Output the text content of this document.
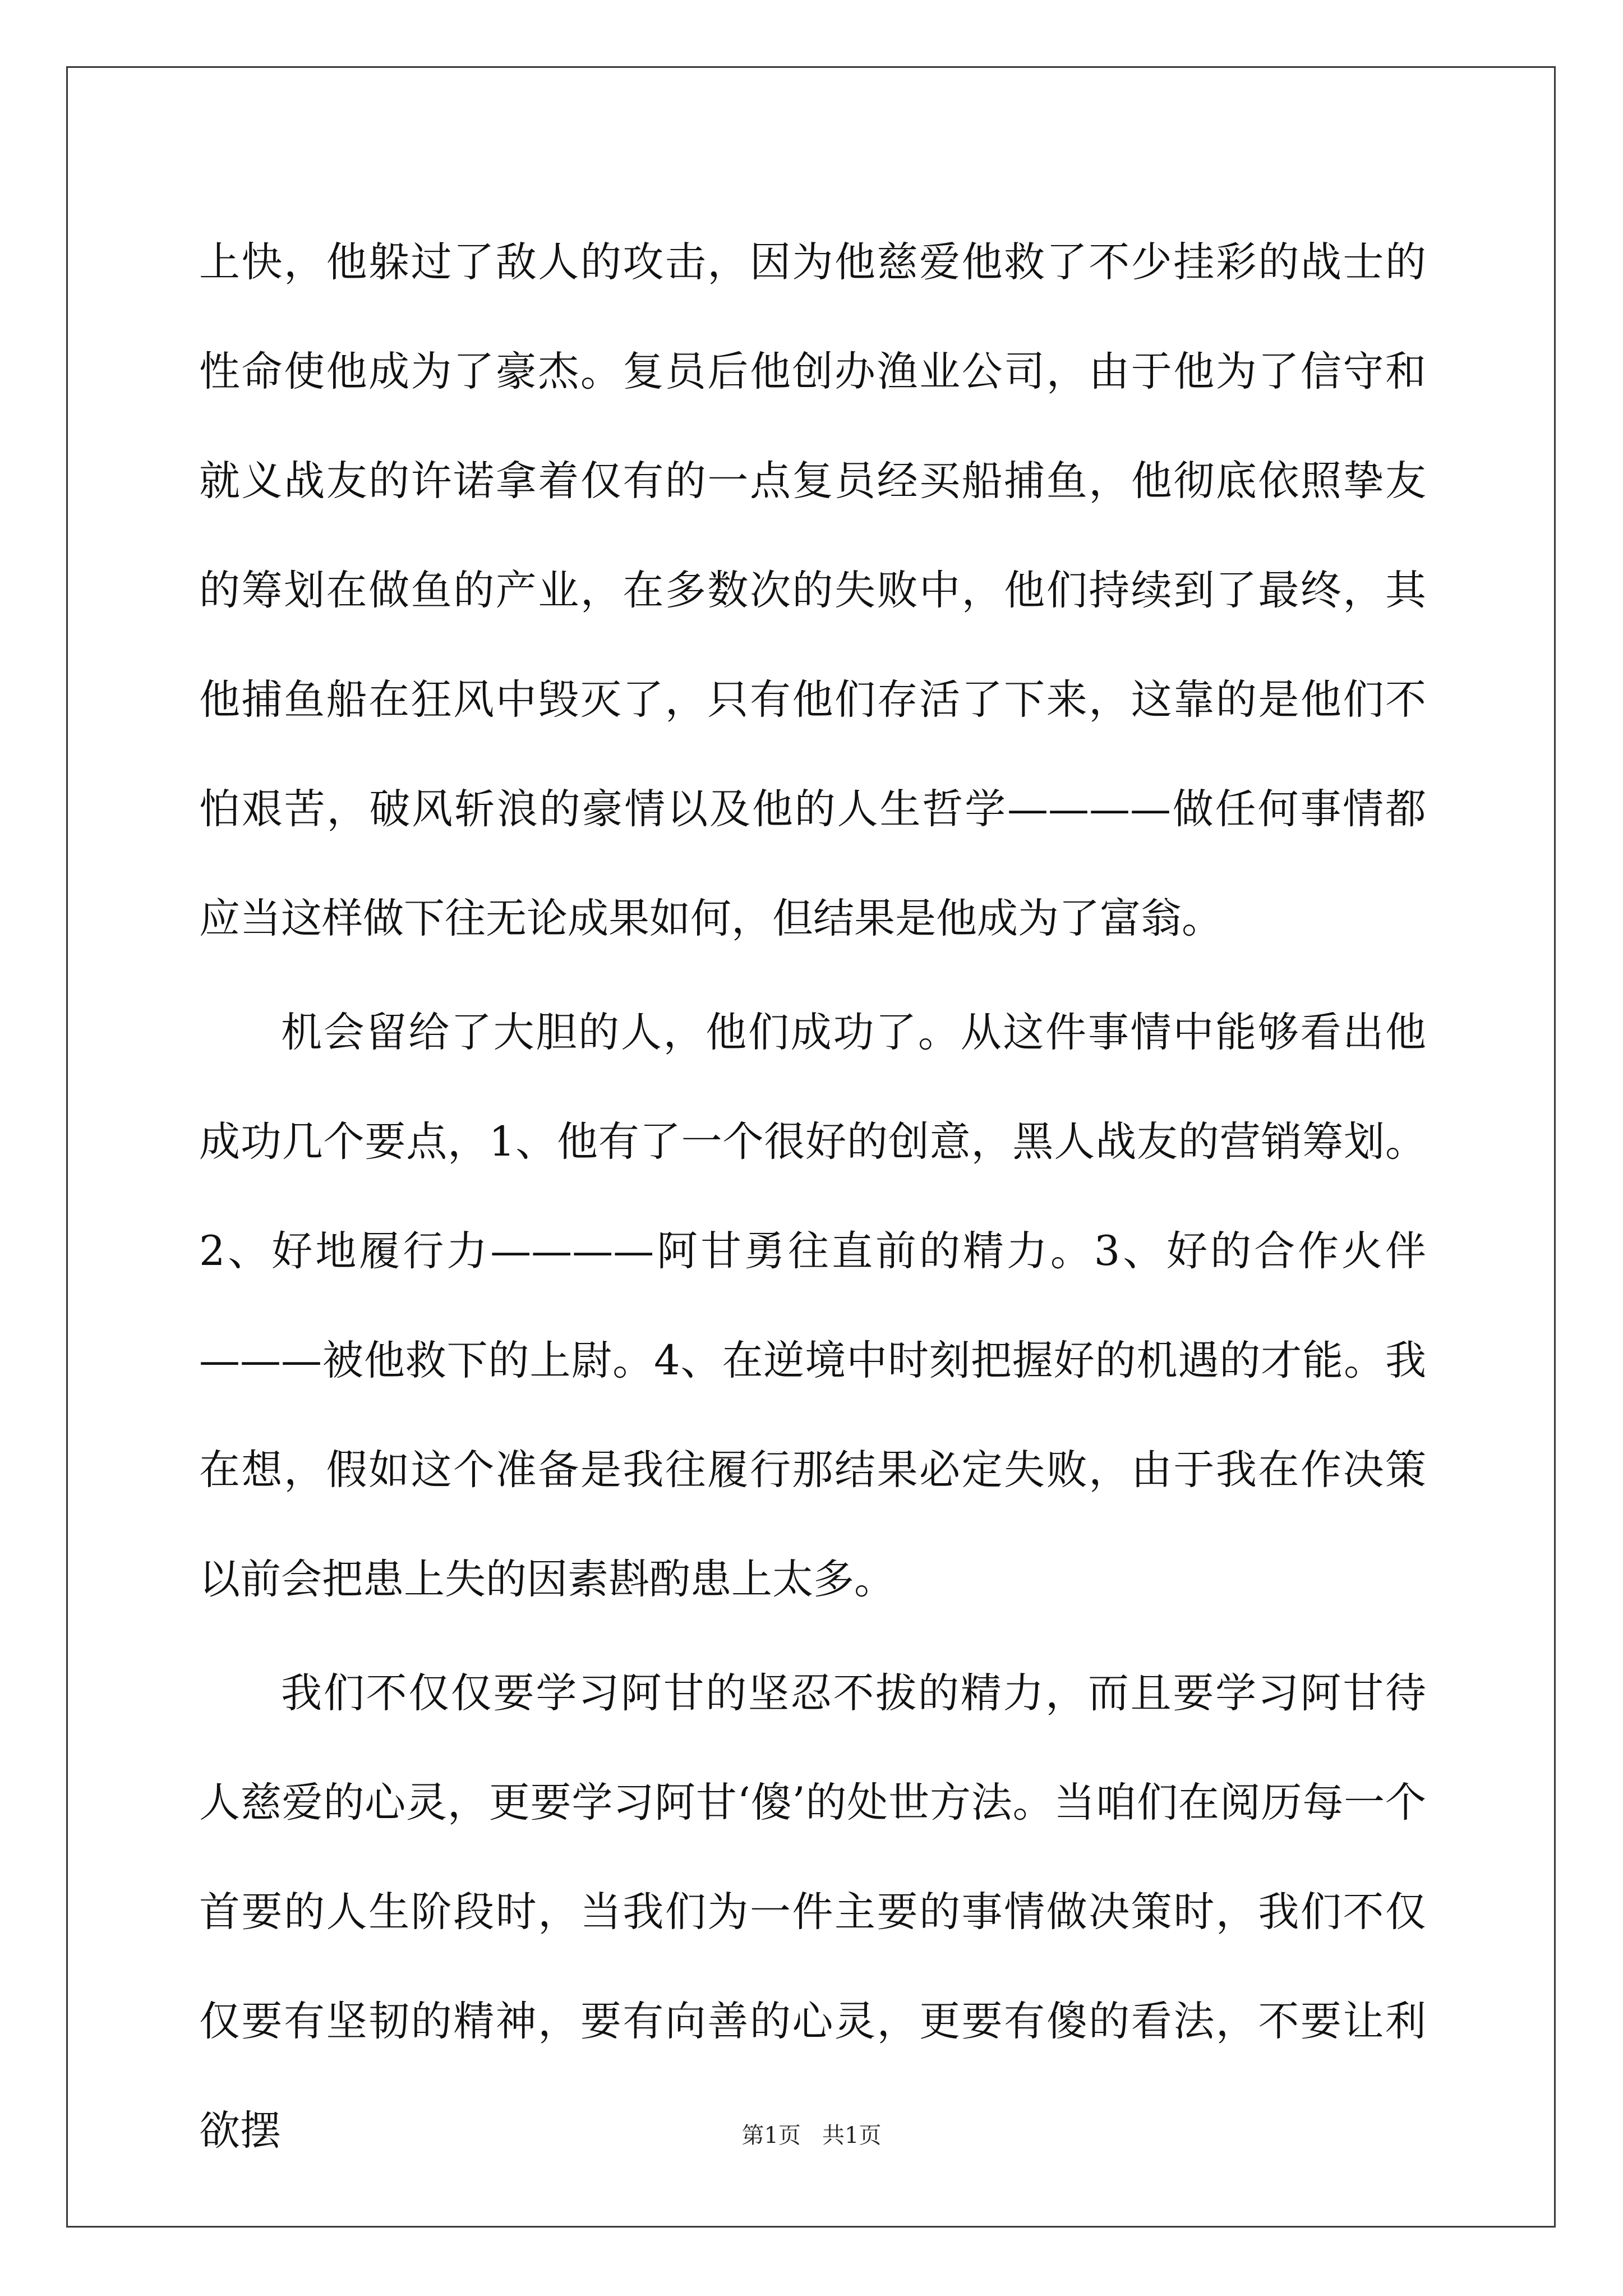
上快，他躲过了敌人的攻击，因为他慈爱他救了不少挂彩的战士的性命使他成为了豪杰。复员后他创办渔业公司，由于他为了信守和就义战友的许诺拿着仅有的一点复员经买船捕鱼，他彻底依照挚友的筹划在做鱼的产业，在多数次的失败中，他们持续到了最终，其他捕鱼船在狂风中毁灭了，只有他们存活了下来，这靠的是他们不怕艰苦，破风斩浪的豪情以及他的人生哲学————做任何事情都应当这样做下往无论成果如何，但结果是他成为了富翁。

机会留给了大胆的人，他们成功了。从这件事情中能够看出他成功几个要点，1、他有了一个很好的创意，黑人战友的营销筹划。2、好地履行力————阿甘勇往直前的精力。3、好的合作火伴———被他救下的上尉。4、在逆境中时刻把握好的机遇的才能。我在想，假如这个准备是我往履行那结果必定失败，由于我在作决策以前会把患上失的因素斟酌患上太多。

我们不仅仅要学习阿甘的坚忍不拔的精力，而且要学习阿甘待人慈爱的心灵，更要学习阿甘‘傻’的处世方法。当咱们在阅历每一个首要的人生阶段时，当我们为一件主要的事情做决策时，我们不仅仅要有坚韧的精神，要有向善的心灵，更要有傻的看法，不要让利欲摆	第1页   共1页
